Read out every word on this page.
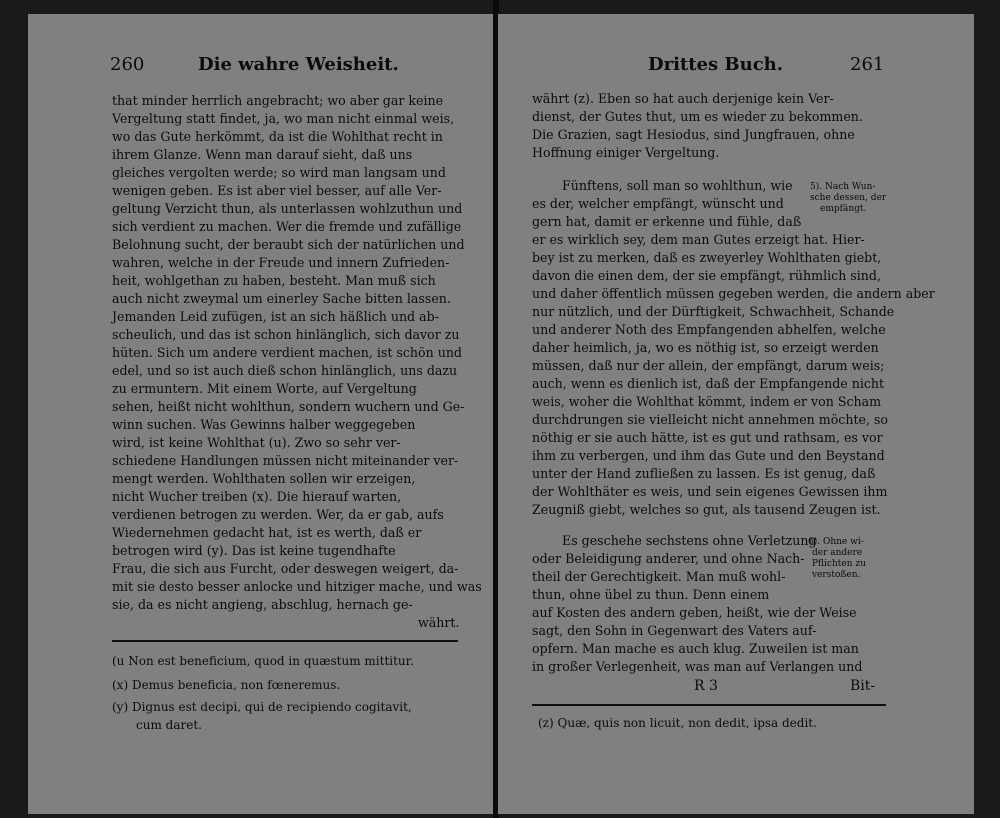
260	Die wahre Weisheit.
that minder herrlich angebracht; wo aber gar keine
Vergeltung statt findet, ja, wo man nicht einmal weis,
wo das Gute herkömmt, da ist die Wohlthat recht in
ihrem Glanze. Wenn man darauf sieht, daß uns
gleiches vergolten werde; so wird man langsam und
wenigen geben. Es ist aber viel besser, auf alle Ver-
geltung Verzicht thun, als unterlassen wohlzuthun und
sich verdient zu machen. Wer die fremde und zufällige
Belohnung sucht, der beraubt sich der natürlichen und
wahren, welche in der Freude und innern Zufrieden-
heit, wohlgethan zu haben, besteht. Man muß sich
auch nicht zweymal um einerley Sache bitten lassen.
Jemanden Leid zufügen, ist an sich häßlich und ab-
scheulich, und das ist schon hinlänglich, sich davor zu
hüten. Sich um andere verdient machen, ist schön und
edel, und so ist auch dieß schon hinlänglich, uns dazu
zu ermuntern. Mit einem Worte, auf Vergeltung
sehen, heißt nicht wohlthun, sondern wuchern und Ge-
winn suchen. Was Gewinns halber weggegeben
wird, ist keine Wohlthat (u). Zwo so sehr ver-
schiedene Handlungen müssen nicht miteinander ver-
mengt werden. Wohlthaten sollen wir erzeigen,
nicht Wucher treiben (x). Die hierauf warten,
verdienen betrogen zu werden. Wer, da er gab, aufs
Wiedernehmen gedacht hat, ist es werth, daß er
betrogen wird (y). Das ist keine tugendhafte
Frau, die sich aus Furcht, oder deswegen weigert, da-
mit sie desto besser anlocke und hitziger mache, und was
sie, da es nicht angieng, abschlug, hernach ge-
währt.
(u Non est beneficium, quod in quæstum mittitur.
(x) Demus beneficia, non fœneremus.
(y) Dignus est decipi, qui de recipiendo cogitavit,
cum daret.
Drittes Buch.	261
währt (z). Eben so hat auch derjenige kein Ver-
dienst, der Gutes thut, um es wieder zu bekommen.
Die Grazien, sagt Hesiodus, sind Jungfrauen, ohne
Hoffnung einiger Vergeltung.
Fünftens, soll man so wohlthun, wie
es der, welcher empfängt, wünscht und
gern hat, damit er erkenne und fühle, daß
er es wirklich sey, dem man Gutes erzeigt hat. Hier-
bey ist zu merken, daß es zweyerley Wohlthaten giebt,
davon die einen dem, der sie empfängt, rühmlich sind,
und daher öffentlich müssen gegeben werden, die andern aber
nur nützlich, und der Dürftigkeit, Schwachheit, Schande
und anderer Noth des Empfangenden abhelfen, welche
daher heimlich, ja, wo es nöthig ist, so erzeigt werden
müssen, daß nur der allein, der empfängt, darum weis;
auch, wenn es dienlich ist, daß der Empfangende nicht
weis, woher die Wohlthat kömmt, indem er von Scham
durchdrungen sie vielleicht nicht annehmen möchte, so
nöthig er sie auch hätte, ist es gut und rathsam, es vor
ihm zu verbergen, und ihm das Gute und den Beystand
unter der Hand zufließen zu lassen. Es ist genug, daß
der Wohlthäter es weis, und sein eigenes Gewissen ihm
Zeugniß giebt, welches so gut, als tausend Zeugen ist.
Es geschehe sechstens ohne Verletzung
oder Beleidigung anderer, und ohne Nach-
theil der Gerechtigkeit. Man muß wohl-
thun, ohne übel zu thun. Denn einem
auf Kosten des andern geben, heißt, wie der Weise
sagt, den Sohn in Gegenwart des Vaters auf-
opfern. Man mache es auch klug. Zuweilen ist man
in großer Verlegenheit, was man auf Verlangen und
5). Nach Wun-
sche dessen, der
empfängt.
6). Ohne wi-
der andere
Pflichten zu
verstoßen.
R 3	Bit-
(z) Quæ, quis non licuit, non dedit, ipsa dedit.
